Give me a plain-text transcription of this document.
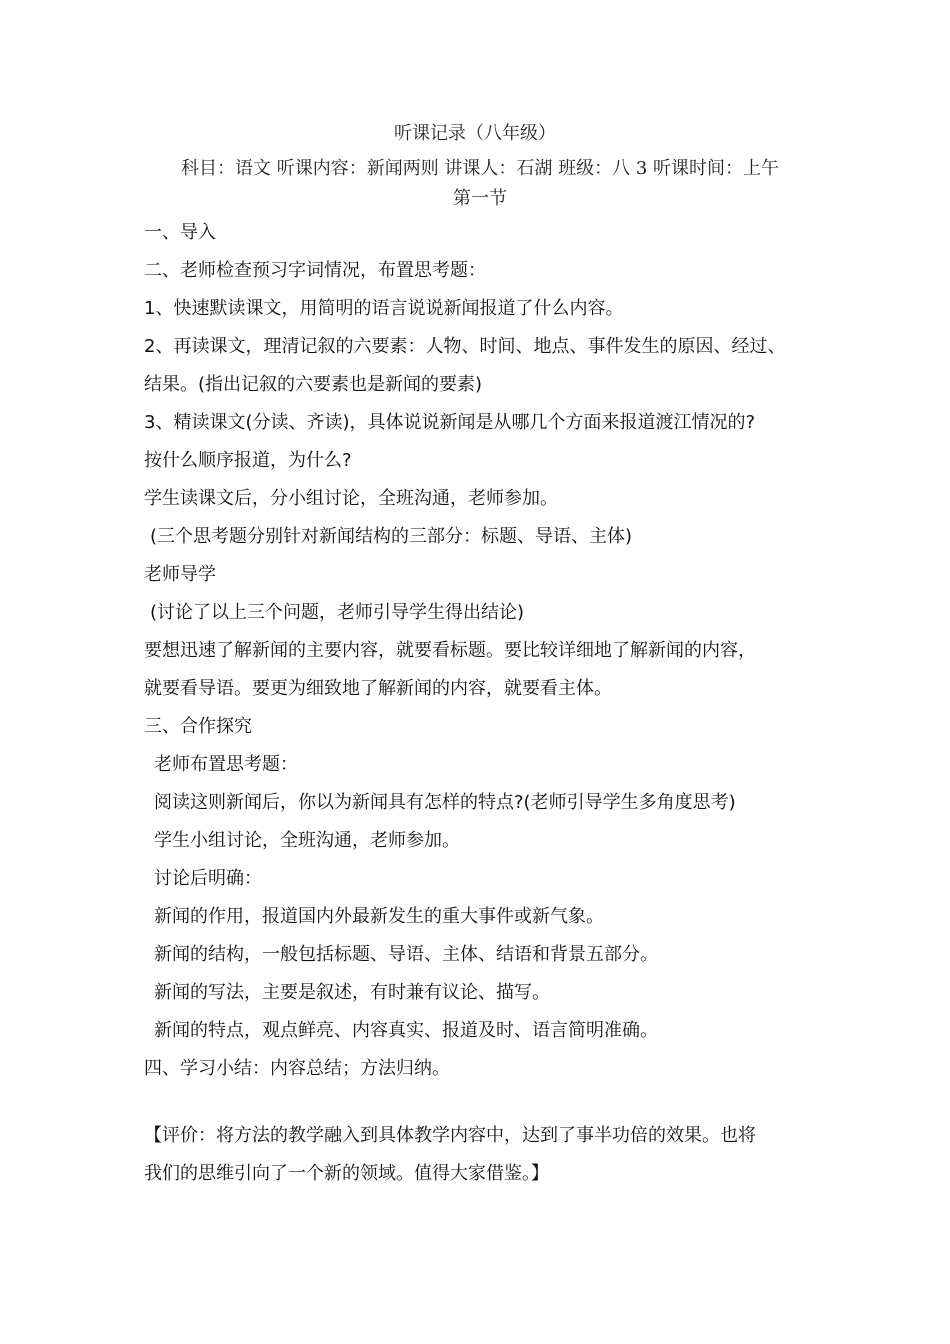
听课记录（八年级）
科目：语文 听课内容：新闻两则 讲课人：石湖 班级：八 3 听课时间：上午
第一节
一、导入
二、老师检查预习字词情况，布置思考题：
1、快速默读课文，用简明的语言说说新闻报道了什么内容。
2、再读课文，理清记叙的六要素：人物、时间、地点、事件发生的原因、经过、
结果。(指出记叙的六要素也是新闻的要素)
3、精读课文(分读、齐读)，具体说说新闻是从哪几个方面来报道渡江情况的?
按什么顺序报道，为什么?
学生读课文后，分小组讨论，全班沟通，老师参加。
(三个思考题分别针对新闻结构的三部分：标题、导语、主体)
老师导学
(讨论了以上三个问题，老师引导学生得出结论)
要想迅速了解新闻的主要内容，就要看标题。要比较详细地了解新闻的内容，
就要看导语。要更为细致地了解新闻的内容，就要看主体。
三、合作探究
老师布置思考题：
阅读这则新闻后，你以为新闻具有怎样的特点?(老师引导学生多角度思考)
学生小组讨论，全班沟通，老师参加。
讨论后明确：
新闻的作用，报道国内外最新发生的重大事件或新气象。
新闻的结构，一般包括标题、导语、主体、结语和背景五部分。
新闻的写法，主要是叙述，有时兼有议论、描写。
新闻的特点，观点鲜亮、内容真实、报道及时、语言简明准确。
四、学习小结：内容总结；方法归纳。
【评价：将方法的教学融入到具体教学内容中，达到了事半功倍的效果。也将
我们的思维引向了一个新的领域。值得大家借鉴。】
